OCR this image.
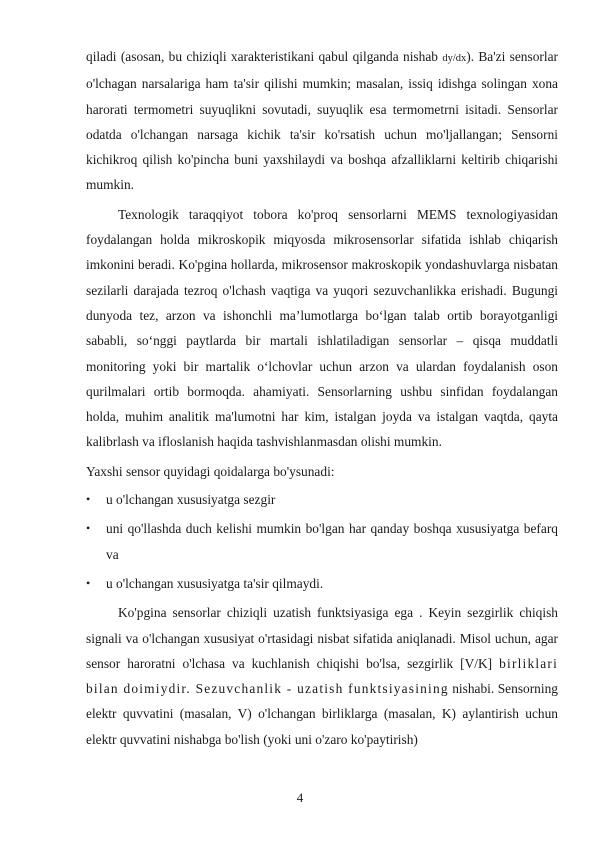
qiladi (asosan, bu chiziqli xarakteristikani qabul qilganda nishab dy/dx). Ba'zi sensorlar o'lchagan narsalariga ham ta'sir qilishi mumkin; masalan, issiq idishga solingan xona harorati termometri suyuqlikni sovutadi, suyuqlik esa termometrni isitadi. Sensorlar odatda o'lchangan narsaga kichik ta'sir ko'rsatish uchun mo'ljallangan; Sensorni kichikroq qilish ko'pincha buni yaxshilaydi va boshqa afzalliklarni keltirib chiqarishi mumkin.

Texnologik taraqqiyot tobora ko'proq sensorlarni MEMS texnologiyasidan foydalangan holda mikroskopik miqyosda mikrosensorlar sifatida ishlab chiqarish imkonini beradi. Ko'pgina hollarda, mikrosensor makroskopik yondashuvlarga nisbatan sezilarli darajada tezroq o'lchash vaqtiga va yuqori sezuvchanlikka erishadi. Bugungi dunyoda tez, arzon va ishonchli ma’lumotlarga bo‘lgan talab ortib borayotganligi sababli, so‘nggi paytlarda bir martali ishlatiladigan sensorlar – qisqa muddatli monitoring yoki bir martalik o‘lchovlar uchun arzon va ulardan foydalanish oson qurilmalari ortib bormoqda. ahamiyati. Sensorlarning ushbu sinfidan foydalangan holda, muhim analitik ma'lumotni har kim, istalgan joyda va istalgan vaqtda, qayta kalibrlash va ifloslanish haqida tashvishlanmasdan olishi mumkin.

Yaxshi sensor quyidagi qoidalarga bo'ysunadi:

• u o'lchangan xususiyatga sezgir
• uni qo'llashda duch kelishi mumkin bo'lgan har qanday boshqa xususiyatga befarq va
• u o'lchangan xususiyatga ta'sir qilmaydi.

Ko'pgina sensorlar chiziqli uzatish funktsiyasiga ega . Keyin sezgirlik chiqish signali va o'lchangan xususiyat o'rtasidagi nisbat sifatida aniqlanadi. Misol uchun, agar sensor haroratni o'lchasa va kuchlanish chiqishi bo'lsa, sezgirlik [V/K] birliklari bilan doimiydir. Sezuvchanlik - uzatish funktsiyasining nishabi. Sensorning elektr quvvatini (masalan, V) o'lchangan birliklarga (masalan, K) aylantirish uchun elektr quvvatini nishabga bo'lish (yoki uni o'zaro ko'paytirish)

4
